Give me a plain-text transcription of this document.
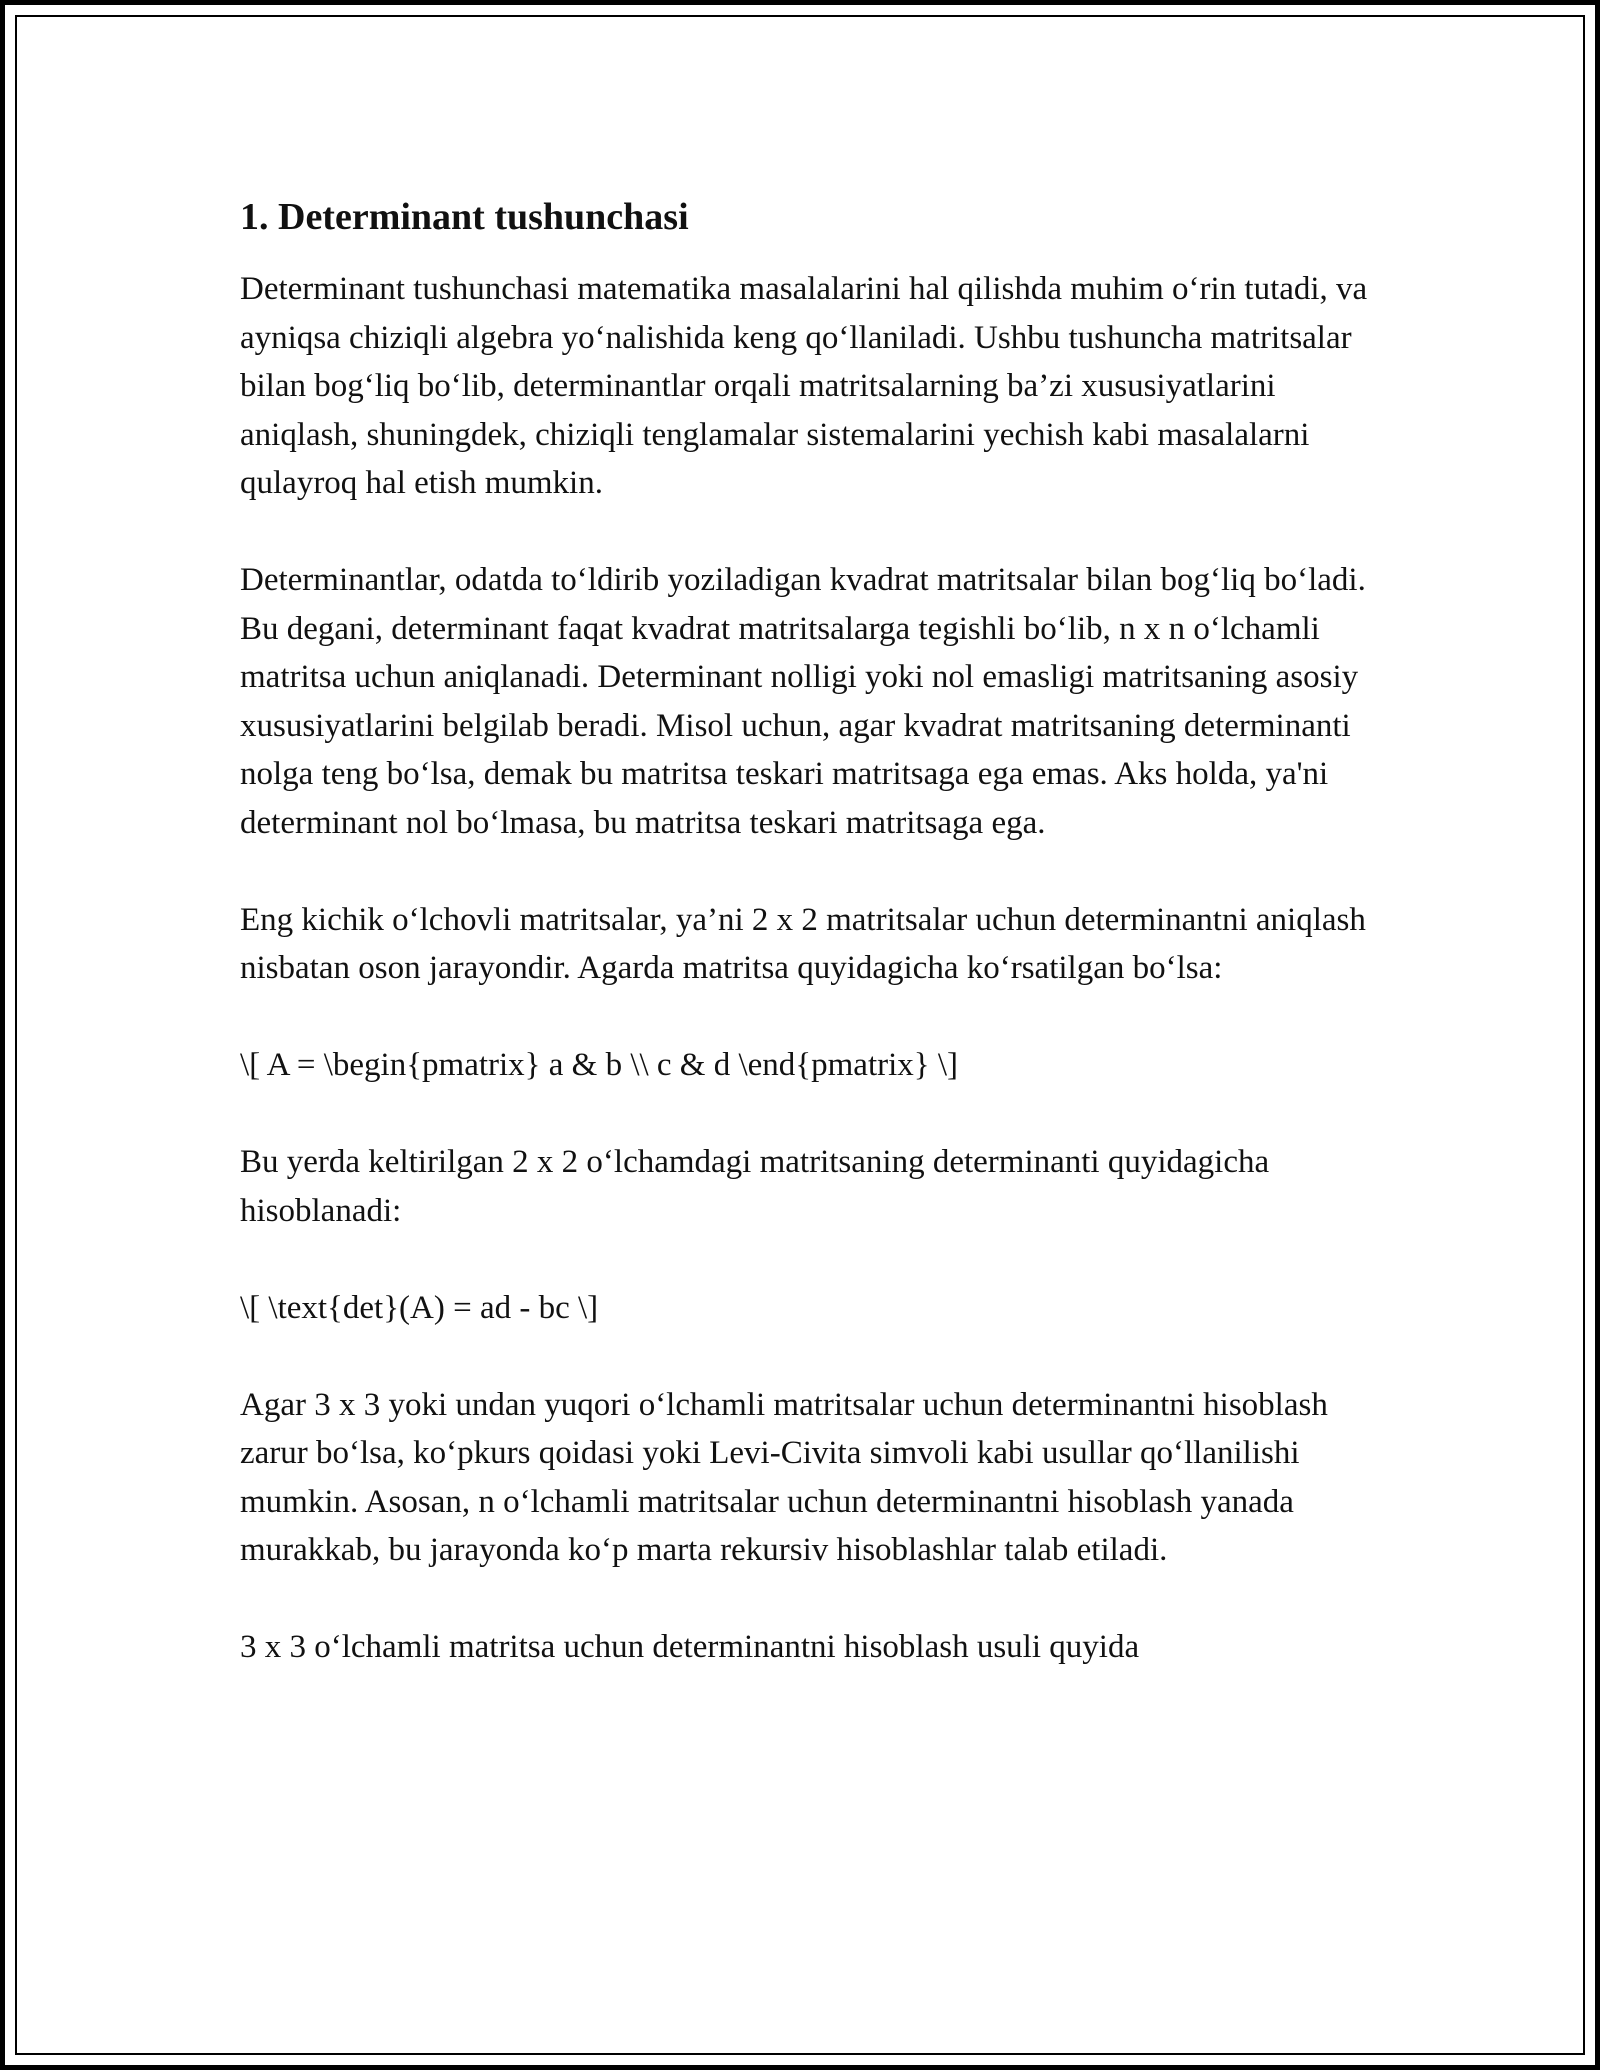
1. Determinant tushunchasi

Determinant tushunchasi matematika masalalarini hal qilishda muhim o‘rin tutadi, va ayniqsa chiziqli algebra yo‘nalishida keng qo‘llaniladi. Ushbu tushuncha matritsalar bilan bog‘liq bo‘lib, determinantlar orqali matritsalarning ba’zi xususiyatlarini aniqlash, shuningdek, chiziqli tenglamalar sistemalarini yechish kabi masalalarni qulayroq hal etish mumkin.

Determinantlar, odatda to‘ldirib yoziladigan kvadrat matritsalar bilan bog‘liq bo‘ladi. Bu degani, determinant faqat kvadrat matritsalarga tegishli bo‘lib, n x n o‘lchamli matritsa uchun aniqlanadi. Determinant nolligi yoki nol emasligi matritsaning asosiy xususiyatlarini belgilab beradi. Misol uchun, agar kvadrat matritsaning determinanti nolga teng bo‘lsa, demak bu matritsa teskari matritsaga ega emas. Aks holda, ya'ni determinant nol bo‘lmasa, bu matritsa teskari matritsaga ega.

Eng kichik o‘lchovli matritsalar, ya’ni 2 x 2 matritsalar uchun determinantni aniqlash nisbatan oson jarayondir. Agarda matritsa quyidagicha ko‘rsatilgan bo‘lsa:

\[ A = \begin{pmatrix} a & b \\ c & d \end{pmatrix} \]

Bu yerda keltirilgan 2 x 2 o‘lchamdagi matritsaning determinanti quyidagicha hisoblanadi:

\[ \text{det}(A) = ad - bc \]

Agar 3 x 3 yoki undan yuqori o‘lchamli matritsalar uchun determinantni hisoblash zarur bo‘lsa, ko‘pkurs qoidasi yoki Levi-Civita simvoli kabi usullar qo‘llanilishi mumkin. Asosan, n o‘lchamli matritsalar uchun determinantni hisoblash yanada murakkab, bu jarayonda ko‘p marta rekursiv hisoblashlar talab etiladi.

3 x 3 o‘lchamli matritsa uchun determinantni hisoblash usuli quyida
